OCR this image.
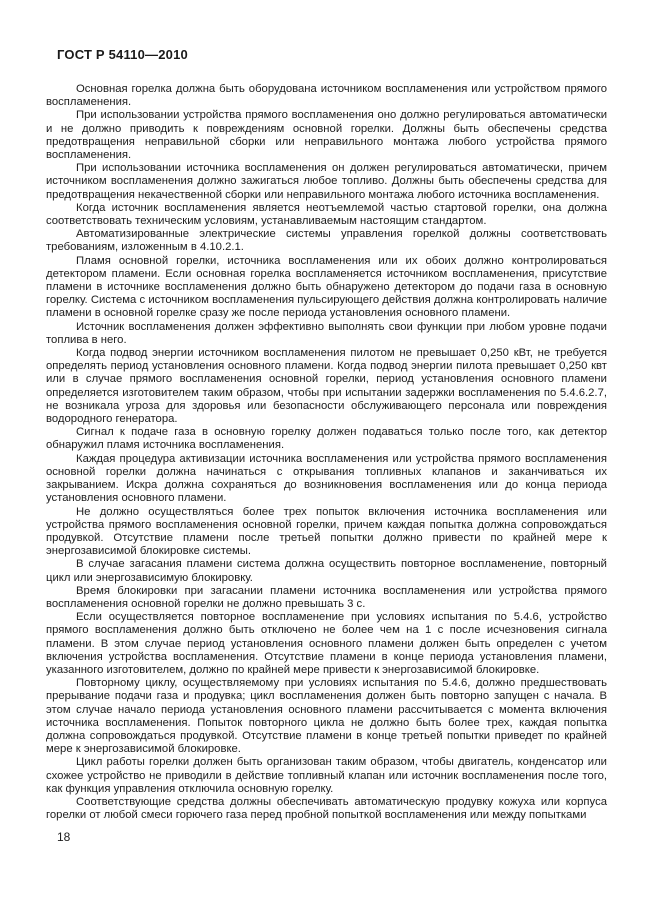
ГОСТ Р 54110—2010

Основная горелка должна быть оборудована источником воспламенения или устройством прямого воспламенения.

При использовании устройства прямого воспламенения оно должно регулироваться автоматически и не должно приводить к повреждениям основной горелки. Должны быть обеспечены средства предотвращения неправильной сборки или неправильного монтажа любого устройства прямого воспламенения.

При использовании источника воспламенения он должен регулироваться автоматически, причем источником воспламенения должно зажигаться любое топливо. Должны быть обеспечены средства для предотвращения некачественной сборки или неправильного монтажа любого источника воспламенения.

Когда источник воспламенения является неотъемлемой частью стартовой горелки, она должна соответствовать техническим условиям, устанавливаемым настоящим стандартом.

Автоматизированные электрические системы управления горелкой должны соответствовать требованиям, изложенным в 4.10.2.1.

Пламя основной горелки, источника воспламенения или их обоих должно контролироваться детектором пламени. Если основная горелка воспламеняется источником воспламенения, присутствие пламени в источнике воспламенения должно быть обнаружено детектором до подачи газа в основную горелку. Система с источником воспламенения пульсирующего действия должна контролировать наличие пламени в основной горелке сразу же после периода установления основного пламени.

Источник воспламенения должен эффективно выполнять свои функции при любом уровне подачи топлива в него.

Когда подвод энергии источником воспламенения пилотом не превышает 0,250 кВт, не требуется определять период установления основного пламени. Когда подвод энергии пилота превышает 0,250 квт или в случае прямого воспламенения основной горелки, период установления основного пламени определяется изготовителем таким образом, чтобы при испытании задержки воспламенения по 5.4.6.2.7, не возникала угроза для здоровья или безопасности обслуживающего персонала или повреждения водородного генератора.

Сигнал к подаче газа в основную горелку должен подаваться только после того, как детектор обнаружил пламя источника воспламенения.

Каждая процедура активизации источника воспламенения или устройства прямого воспламенения основной горелки должна начинаться с открывания топливных клапанов и заканчиваться их закрыванием. Искра должна сохраняться до возникновения воспламенения или до конца периода установления основного пламени.

Не должно осуществляться более трех попыток включения источника воспламенения или устройства прямого воспламенения основной горелки, причем каждая попытка должна сопровождаться продувкой. Отсутствие пламени после третьей попытки должно привести по крайней мере к энергозависимой блокировке системы.

В случае загасания пламени система должна осуществить повторное воспламенение, повторный цикл или энергозависимую блокировку.

Время блокировки при загасании пламени источника воспламенения или устройства прямого воспламенения основной горелки не должно превышать 3 с.

Если осуществляется повторное воспламенение при условиях испытания по 5.4.6, устройство прямого воспламенения должно быть отключено не более чем на 1 с после исчезновения сигнала пламени. В этом случае период установления основного пламени должен быть определен с учетом включения устройства воспламенения. Отсутствие пламени в конце периода установления пламени, указанного изготовителем, должно по крайней мере привести к энергозависимой блокировке.

Повторному циклу, осуществляемому при условиях испытания по 5.4.6, должно предшествовать прерывание подачи газа и продувка; цикл воспламенения должен быть повторно запущен с начала. В этом случае начало периода установления основного пламени рассчитывается с момента включения источника воспламенения. Попыток повторного цикла не должно быть более трех, каждая попытка должна сопровождаться продувкой. Отсутствие пламени в конце третьей попытки приведет по крайней мере к энергозависимой блокировке.

Цикл работы горелки должен быть организован таким образом, чтобы двигатель, конденсатор или схожее устройство не приводили в действие топливный клапан или источник воспламенения после того, как функция управления отключила основную горелку.

Соответствующие средства должны обеспечивать автоматическую продувку кожуха или корпуса горелки от любой смеси горючего газа перед пробной попыткой воспламенения или между попытками

18
